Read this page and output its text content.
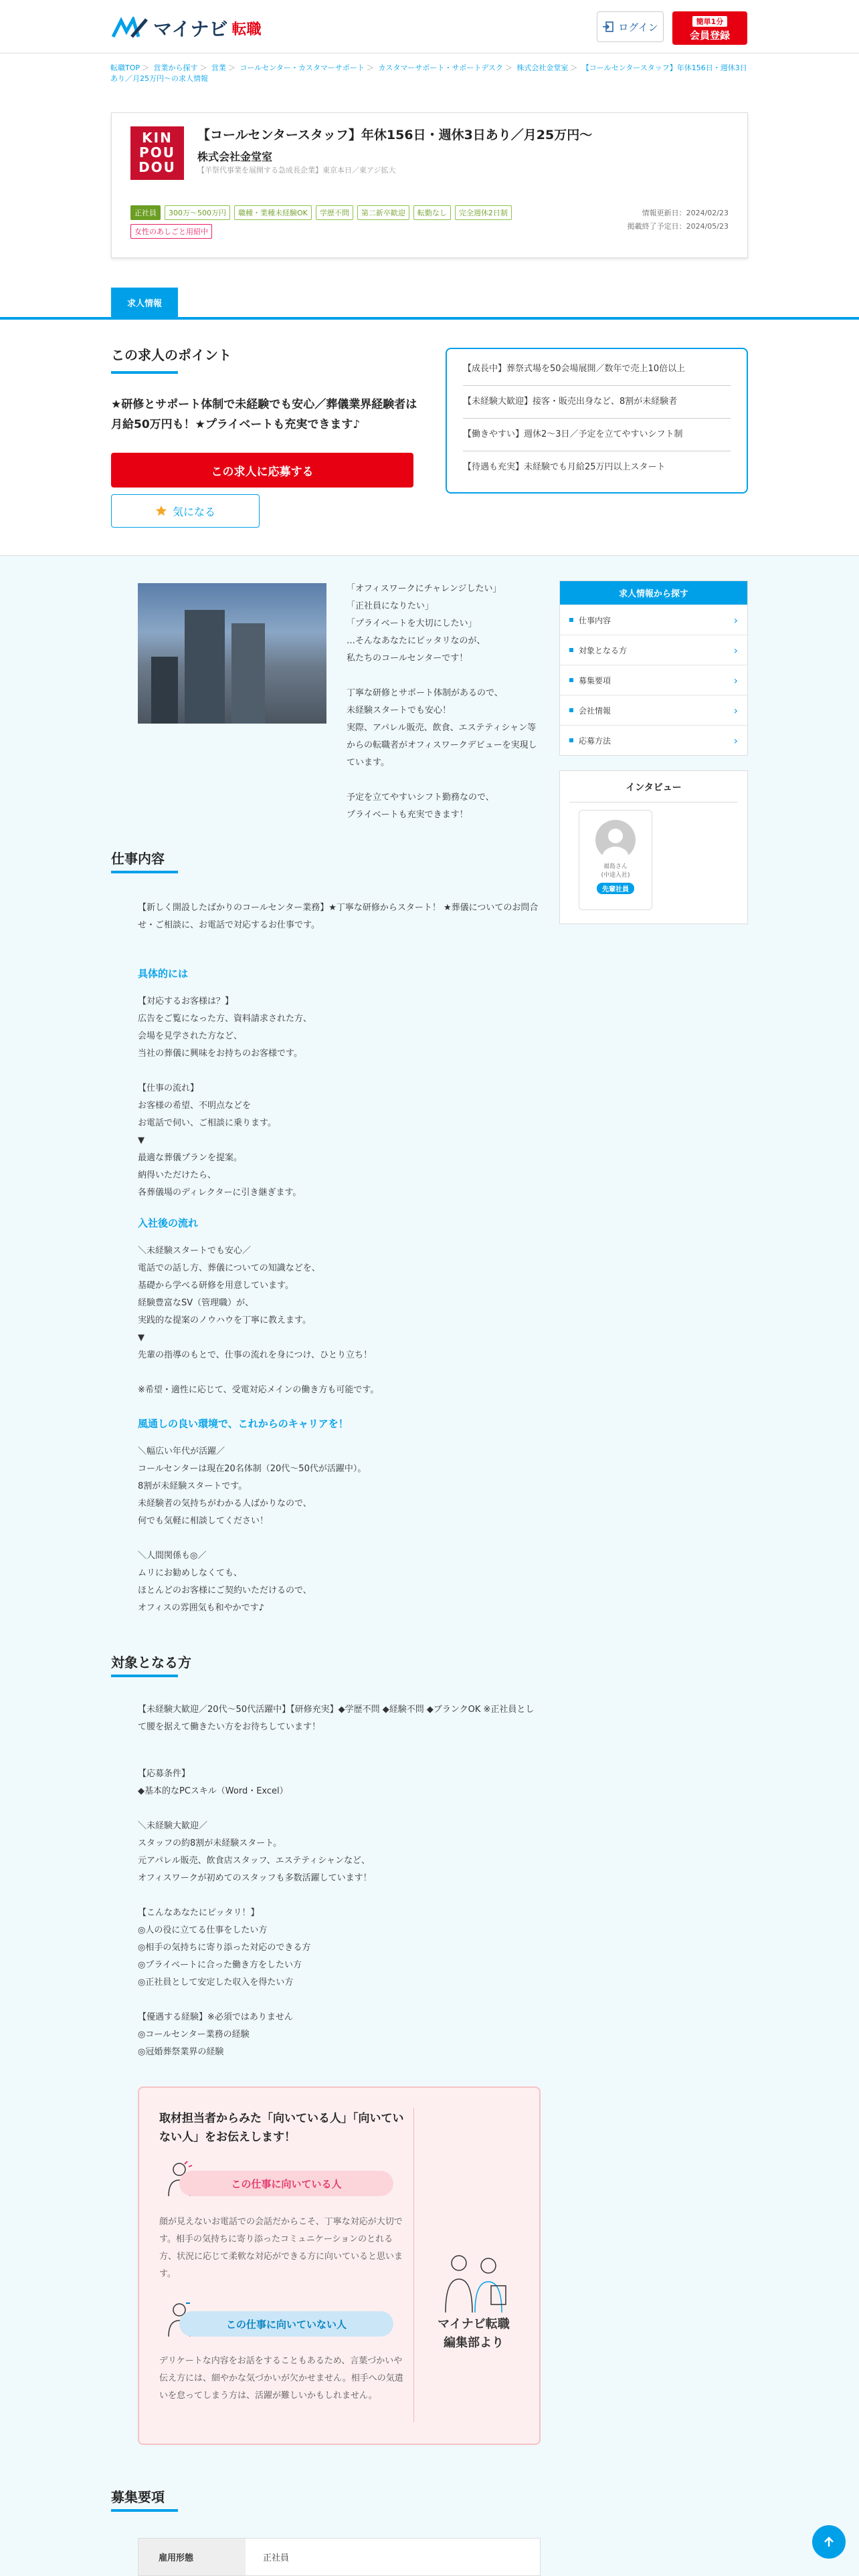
マイナビ 転職	ログイン	簡単1分
会員登録
転職TOP ＞ 営業から探す ＞ 営業 ＞ コールセンター・カスタマーサポート ＞ カスタマーサポート・サポートデスク ＞ 株式会社金堂室 ＞ 【コールセンタースタッフ】年休156日・週休3日あり／月25万円～の求人情報
KIN
POU
DOU
【コールセンタースタッフ】年休156日・週休3日あり／月25万円～
株式会社金堂室
【羊祭代事業を展開する急成長企業】東京本日／東アジ拡大
正社員	300万～500万円	職種・業種未経験OK	学歴不問	第二新卒歓迎	転勤なし	完全週休2日制
女性のあしごと用紹中
情報更新日：2024/02/23
掲載終了予定日：2024/05/23
求人情報
この求人のポイント
★研修とサポート体制で未経験でも安心／葬儀業界経験者は月給50万円も！★プライベートも充実できます♪
この求人に応募する
気になる
【成長中】葬祭式場を50会場展開／数年で売上10倍以上
【未経験大歓迎】接客・販売出身など、8割が未経験者
【働きやすい】週休2～3日／予定を立てやすいシフト制
【待遇も充実】未経験でも月給25万円以上スタート
「オフィスワークにチャレンジしたい」
「正社員になりたい」
「プライベートを大切にしたい」
…そんなあなたにピッタリなのが、
私たちのコールセンターです！

丁寧な研修とサポート体制があるので、
未経験スタートでも安心！
実際、アパレル販売、飲食、エステティシャン等からの転職者がオフィスワークデビューを実現しています。

予定を立てやすいシフト勤務なので、
プライベートも充実できます！
求人情報から探す
仕事内容	›
対象となる方	›
募集要項	›
会社情報	›
応募方法	›
インタビュー
福島さん
(中途入社)
先輩社員
仕事内容
【新しく開設したばかりのコールセンター業務】★丁寧な研修からスタート！ ★葬儀についてのお問合せ・ご相談に、お電話で対応するお仕事です。
具体的には
【対応するお客様は？】
広告をご覧になった方、資料請求された方、
会場を見学された方など、
当社の葬儀に興味をお持ちのお客様です。

【仕事の流れ】
お客様の希望、不明点などを
お電話で伺い、ご相談に乗ります。
▼
最適な葬儀プランを提案。
納得いただけたら、
各葬儀場のディレクターに引き継ぎます。
入社後の流れ
＼未経験スタートでも安心／
電話での話し方、葬儀についての知識などを、
基礎から学べる研修を用意しています。
経験豊富なSV（管理職）が、
実践的な提案のノウハウを丁寧に教えます。
▼
先輩の指導のもとで、仕事の流れを身につけ、ひとり立ち！

※希望・適性に応じて、受電対応メインの働き方も可能です。
風通しの良い環境で、これからのキャリアを！
＼幅広い年代が活躍／
コールセンターは現在20名体制（20代～50代が活躍中）。
8割が未経験スタートです。
未経験者の気持ちがわかる人ばかりなので、
何でも気軽に相談してください！

＼人間関係も◎／
ムリにお勧めしなくても、
ほとんどのお客様にご契約いただけるので、
オフィスの雰囲気も和やかです♪
対象となる方
【未経験大歓迎／20代～50代活躍中】【研修充実】◆学歴不問 ◆経験不問 ◆ブランクOK ※正社員として腰を据えて働きたい方をお待ちしています！
【応募条件】
◆基本的なPCスキル（Word・Excel）

＼未経験大歓迎／
スタッフの約8割が未経験スタート。
元アパレル販売、飲食店スタッフ、エステティシャンなど、
オフィスワークが初めてのスタッフも多数活躍しています！

【こんなあなたにピッタリ！】
◎人の役に立てる仕事をしたい方
◎相手の気持ちに寄り添った対応のできる方
◎プライベートに合った働き方をしたい方
◎正社員として安定した収入を得たい方

【優遇する経験】※必須ではありません
◎コールセンター業務の経験
◎冠婚葬祭業界の経験
取材担当者からみた「向いている人」「向いていない人」をお伝えします！
この仕事に向いている人
顔が見えないお電話での会話だからこそ、丁寧な対応が大切です。相手の気持ちに寄り添ったコミュニケーションのとれる方、状況に応じて柔軟な対応ができる方に向いていると思います。
この仕事に向いていない人
デリケートな内容をお話をすることもあるため、言葉づかいや伝え方には、細やかな気づかいが欠かせません。相手への気遣いを怠ってしまう方は、活躍が難しいかもしれません。
マイナビ転職
編集部より
募集要項
雇用形態	正社員
